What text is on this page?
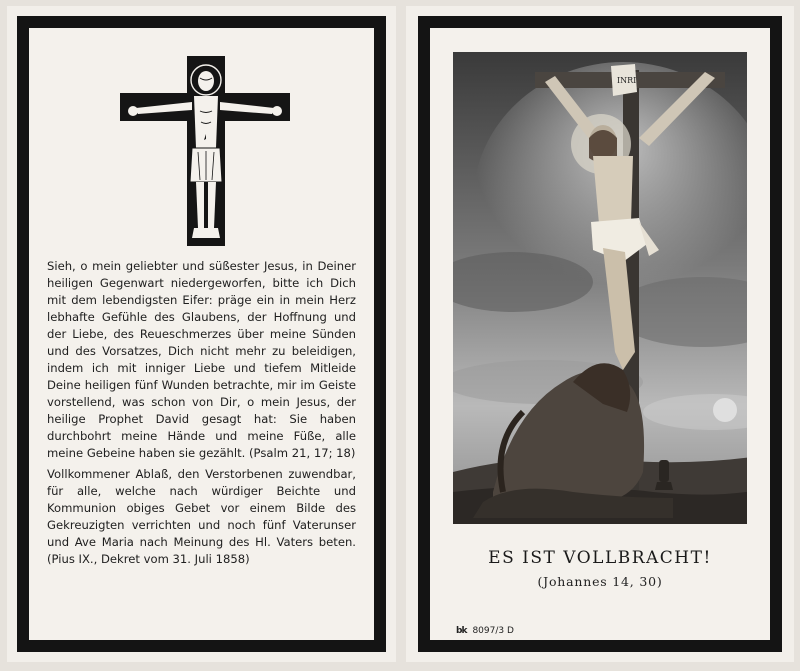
Sieh, o mein geliebter und süßester Jesus, in Deiner heiligen Gegenwart niedergeworfen, bitte ich Dich mit dem lebendigsten Eifer: präge ein in mein Herz lebhafte Gefühle des Glaubens, der Hoffnung und der Liebe, des Reueschmerzes über meine Sünden und des Vorsatzes, Dich nicht mehr zu beleidigen, indem ich mit inniger Liebe und tiefem Mitleide Deine heiligen fünf Wunden betrachte, mir im Geiste vorstellend, was schon von Dir, o mein Jesus, der heilige Prophet David gesagt hat: Sie haben durchbohrt meine Hände und meine Füße, alle meine Gebeine haben sie gezählt. (Psalm 21, 17; 18)

Vollkommener Ablaß, den Verstorbenen zuwendbar, für alle, welche nach würdiger Beichte und Kommunion obiges Gebet vor einem Bilde des Gekreuzigten verrichten und noch fünf Vaterunser und Ave Maria nach Meinung des Hl. Vaters beten. (Pius IX., Dekret vom 31. Juli 1858)

INRI
ES IST VOLLBRACHT!
(Johannes 14, 30)
bk 8097/3 D
